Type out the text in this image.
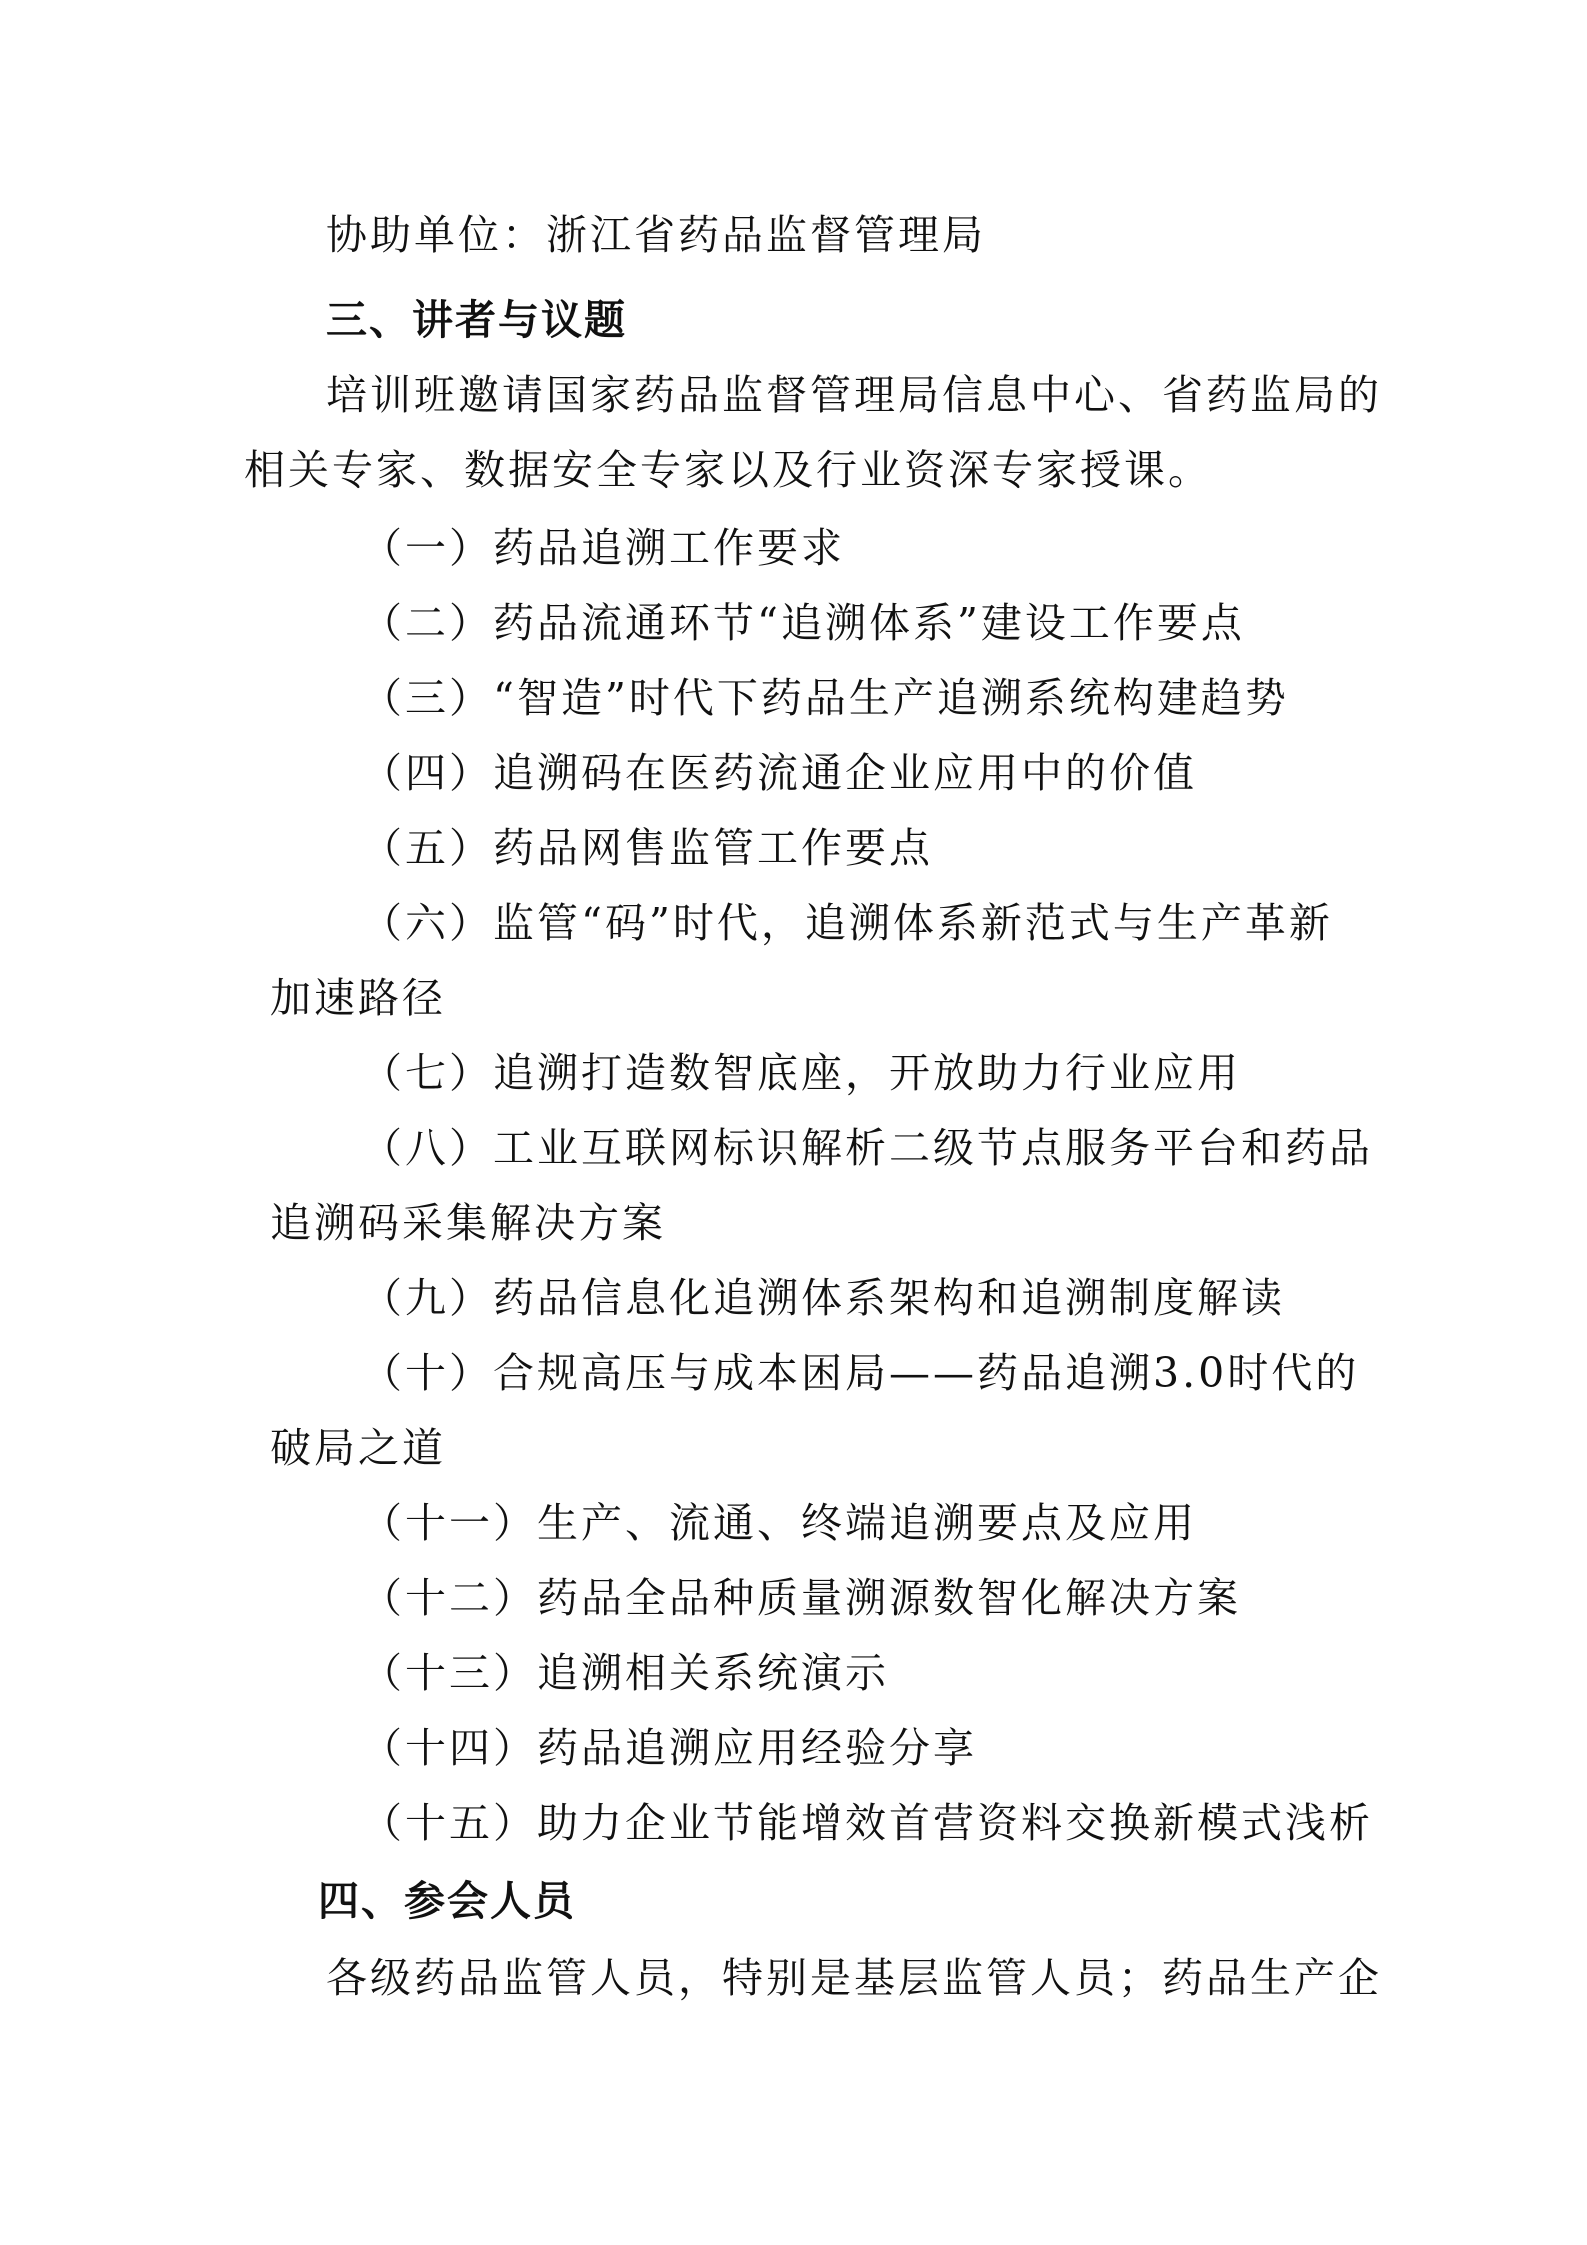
协助单位：浙江省药品监督管理局
三、讲者与议题
培训班邀请国家药品监督管理局信息中心、省药监局的
相关专家、数据安全专家以及行业资深专家授课。
（一）药品追溯工作要求
（二）药品流通环节“追溯体系”建设工作要点
（三）“智造”时代下药品生产追溯系统构建趋势
（四）追溯码在医药流通企业应用中的价值
（五）药品网售监管工作要点
（六）监管“码”时代，追溯体系新范式与生产革新
加速路径
（七）追溯打造数智底座，开放助力行业应用
（八）工业互联网标识解析二级节点服务平台和药品
追溯码采集解决方案
（九）药品信息化追溯体系架构和追溯制度解读
（十）合规高压与成本困局——药品追溯3.0时代的
破局之道
（十一）生产、流通、终端追溯要点及应用
（十二）药品全品种质量溯源数智化解决方案
（十三）追溯相关系统演示
（十四）药品追溯应用经验分享
（十五）助力企业节能增效首营资料交换新模式浅析
四、参会人员
各级药品监管人员，特别是基层监管人员；药品生产企
